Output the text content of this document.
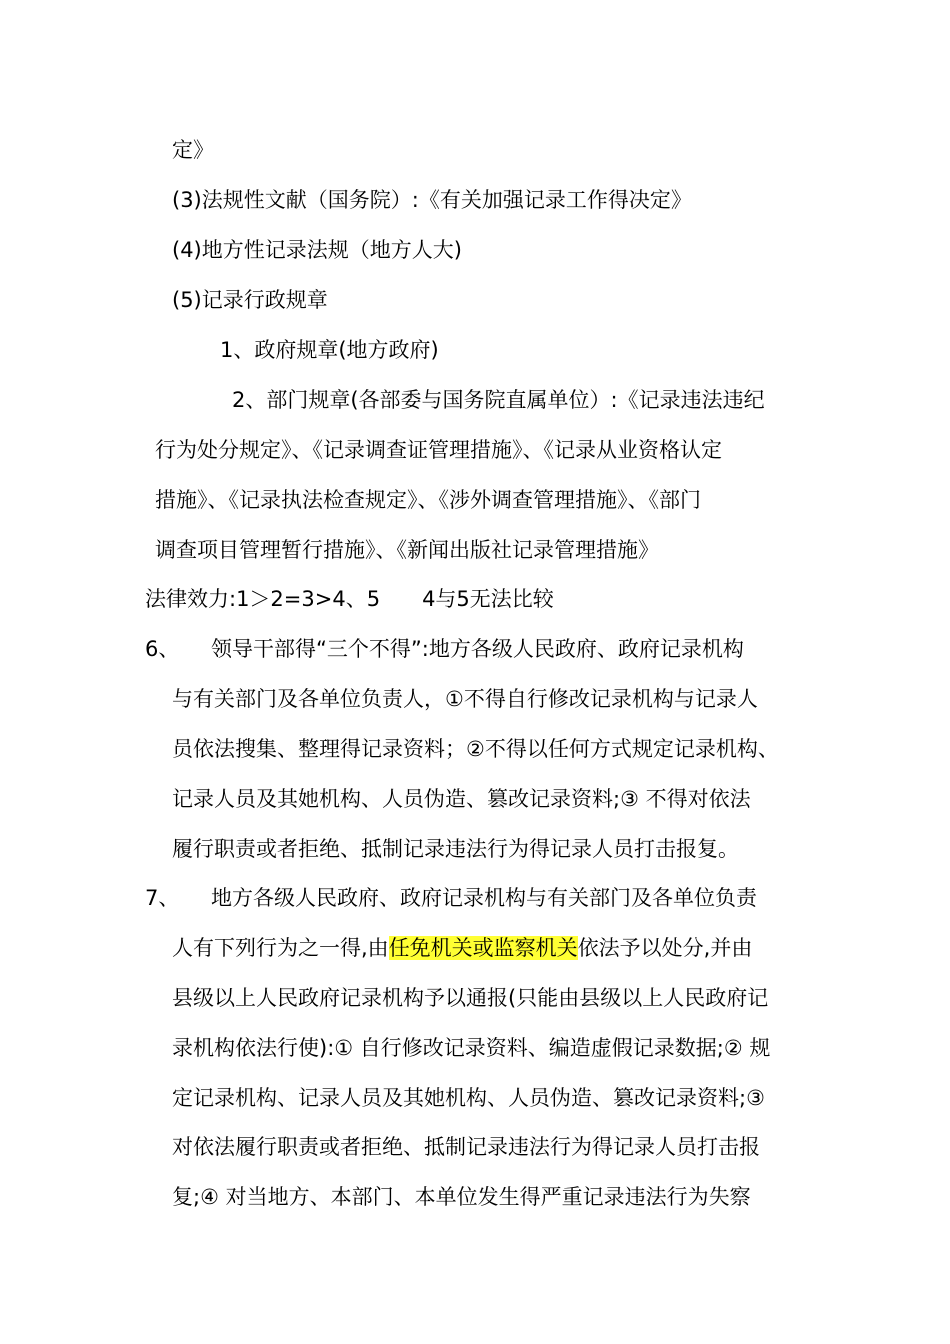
定》
(3)法规性文献（国务院）:《有关加强记录工作得决定》
(4)地方性记录法规（地方人大)
(5)记录行政规章
1、政府规章(地方政府)
2、部门规章(各部委与国务院直属单位）:《记录违法违纪
行为处分规定》、《记录调查证管理措施》、《记录从业资格认定
措施》、《记录执法检查规定》、《涉外调查管理措施》、《部门
调查项目管理暂行措施》、《新闻出版社记录管理措施》
法律效力:1＞2=3>4、5　　4与5无法比较
6、 领导干部得“三个不得”:地方各级人民政府、政府记录机构
与有关部门及各单位负责人，①不得自行修改记录机构与记录人
员依法搜集、整理得记录资料；②不得以任何方式规定记录机构、
记录人员及其她机构、人员伪造、篡改记录资料;③ 不得对依法
履行职责或者拒绝、抵制记录违法行为得记录人员打击报复。
7、 地方各级人民政府、政府记录机构与有关部门及各单位负责
人有下列行为之一得,由任免机关或监察机关依法予以处分,并由
县级以上人民政府记录机构予以通报(只能由县级以上人民政府记
录机构依法行使):① 自行修改记录资料、编造虚假记录数据;② 规
定记录机构、记录人员及其她机构、人员伪造、篡改记录资料;③
对依法履行职责或者拒绝、抵制记录违法行为得记录人员打击报
复;④ 对当地方、本部门、本单位发生得严重记录违法行为失察
